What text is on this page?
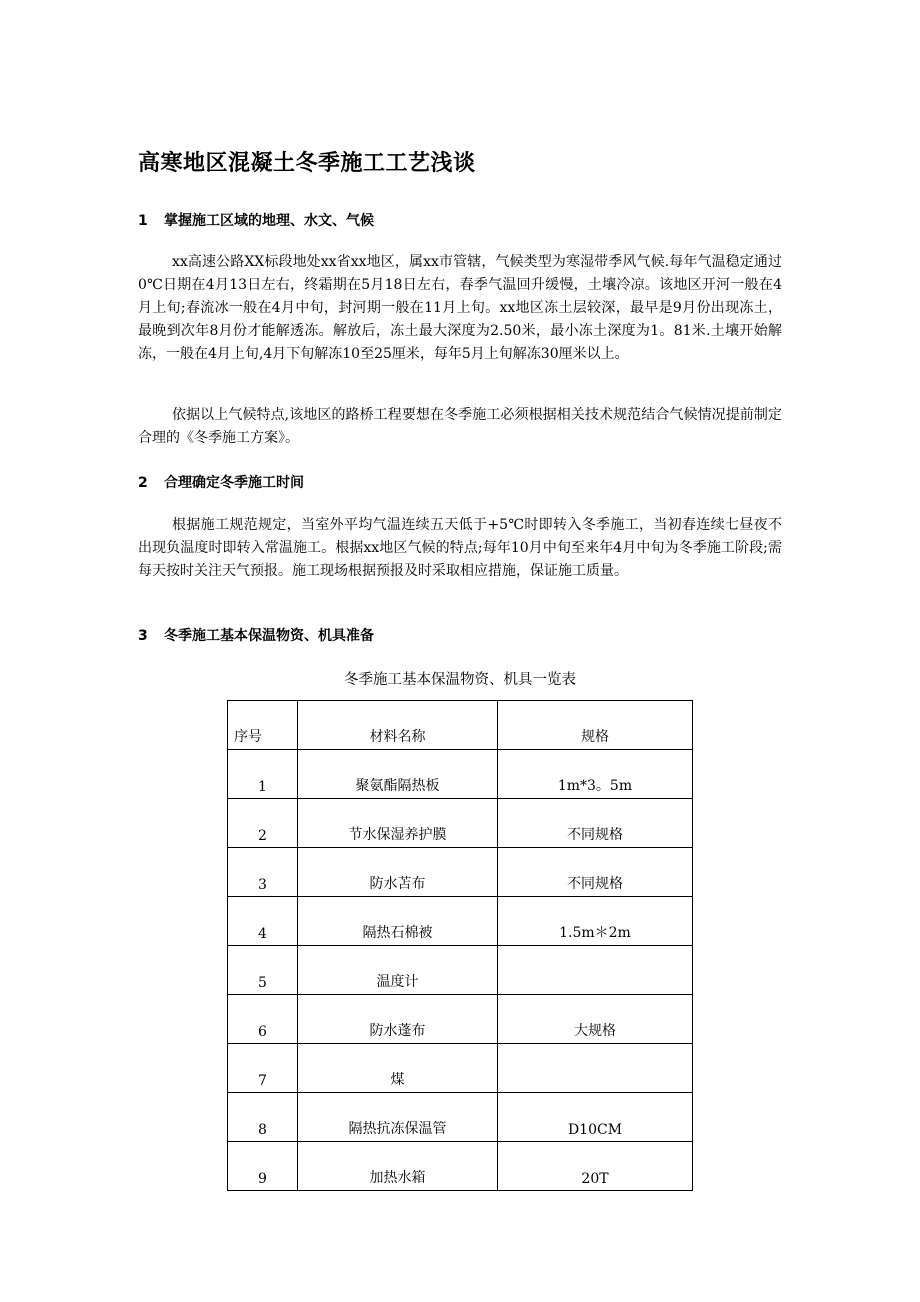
高寒地区混凝土冬季施工工艺浅谈
1 掌握施工区域的地理、水文、气候

xx高速公路XX标段地处xx省xx地区，属xx市管辖，气候类型为寒湿带季风气候.每年气温稳定通过0℃日期在4月13日左右，终霜期在5月18日左右，春季气温回升缓慢，土壤冷凉。该地区开河一般在4月上旬;春流冰一般在4月中旬，封河期一般在11月上旬。xx地区冻土层较深，最早是9月份出现冻土，最晚到次年8月份才能解透冻。解放后，冻土最大深度为2.50米，最小冻土深度为1。81米.土壤开始解冻，一般在4月上旬,4月下旬解冻10至25厘米，每年5月上旬解冻30厘米以上。

依据以上气候特点,该地区的路桥工程要想在冬季施工必须根据相关技术规范结合气候情况提前制定合理的《冬季施工方案》。

2 合理确定冬季施工时间

根据施工规范规定，当室外平均气温连续五天低于+5℃时即转入冬季施工，当初春连续七昼夜不出现负温度时即转入常温施工。根据xx地区气候的特点;每年10月中旬至来年4月中旬为冬季施工阶段;需每天按时关注天气预报。施工现场根据预报及时采取相应措施，保证施工质量。

3 冬季施工基本保温物资、机具准备

冬季施工基本保温物资、机具一览表

序号	材料名称	规格
1	聚氨酯隔热板	1m*3。5m
2	节水保湿养护膜	不同规格
3	防水苫布	不同规格
4	隔热石棉被	1.5m＊2m
5	温度计	
6	防水蓬布	大规格
7	煤	
8	隔热抗冻保温管	D10CM
9	加热水箱	20T
